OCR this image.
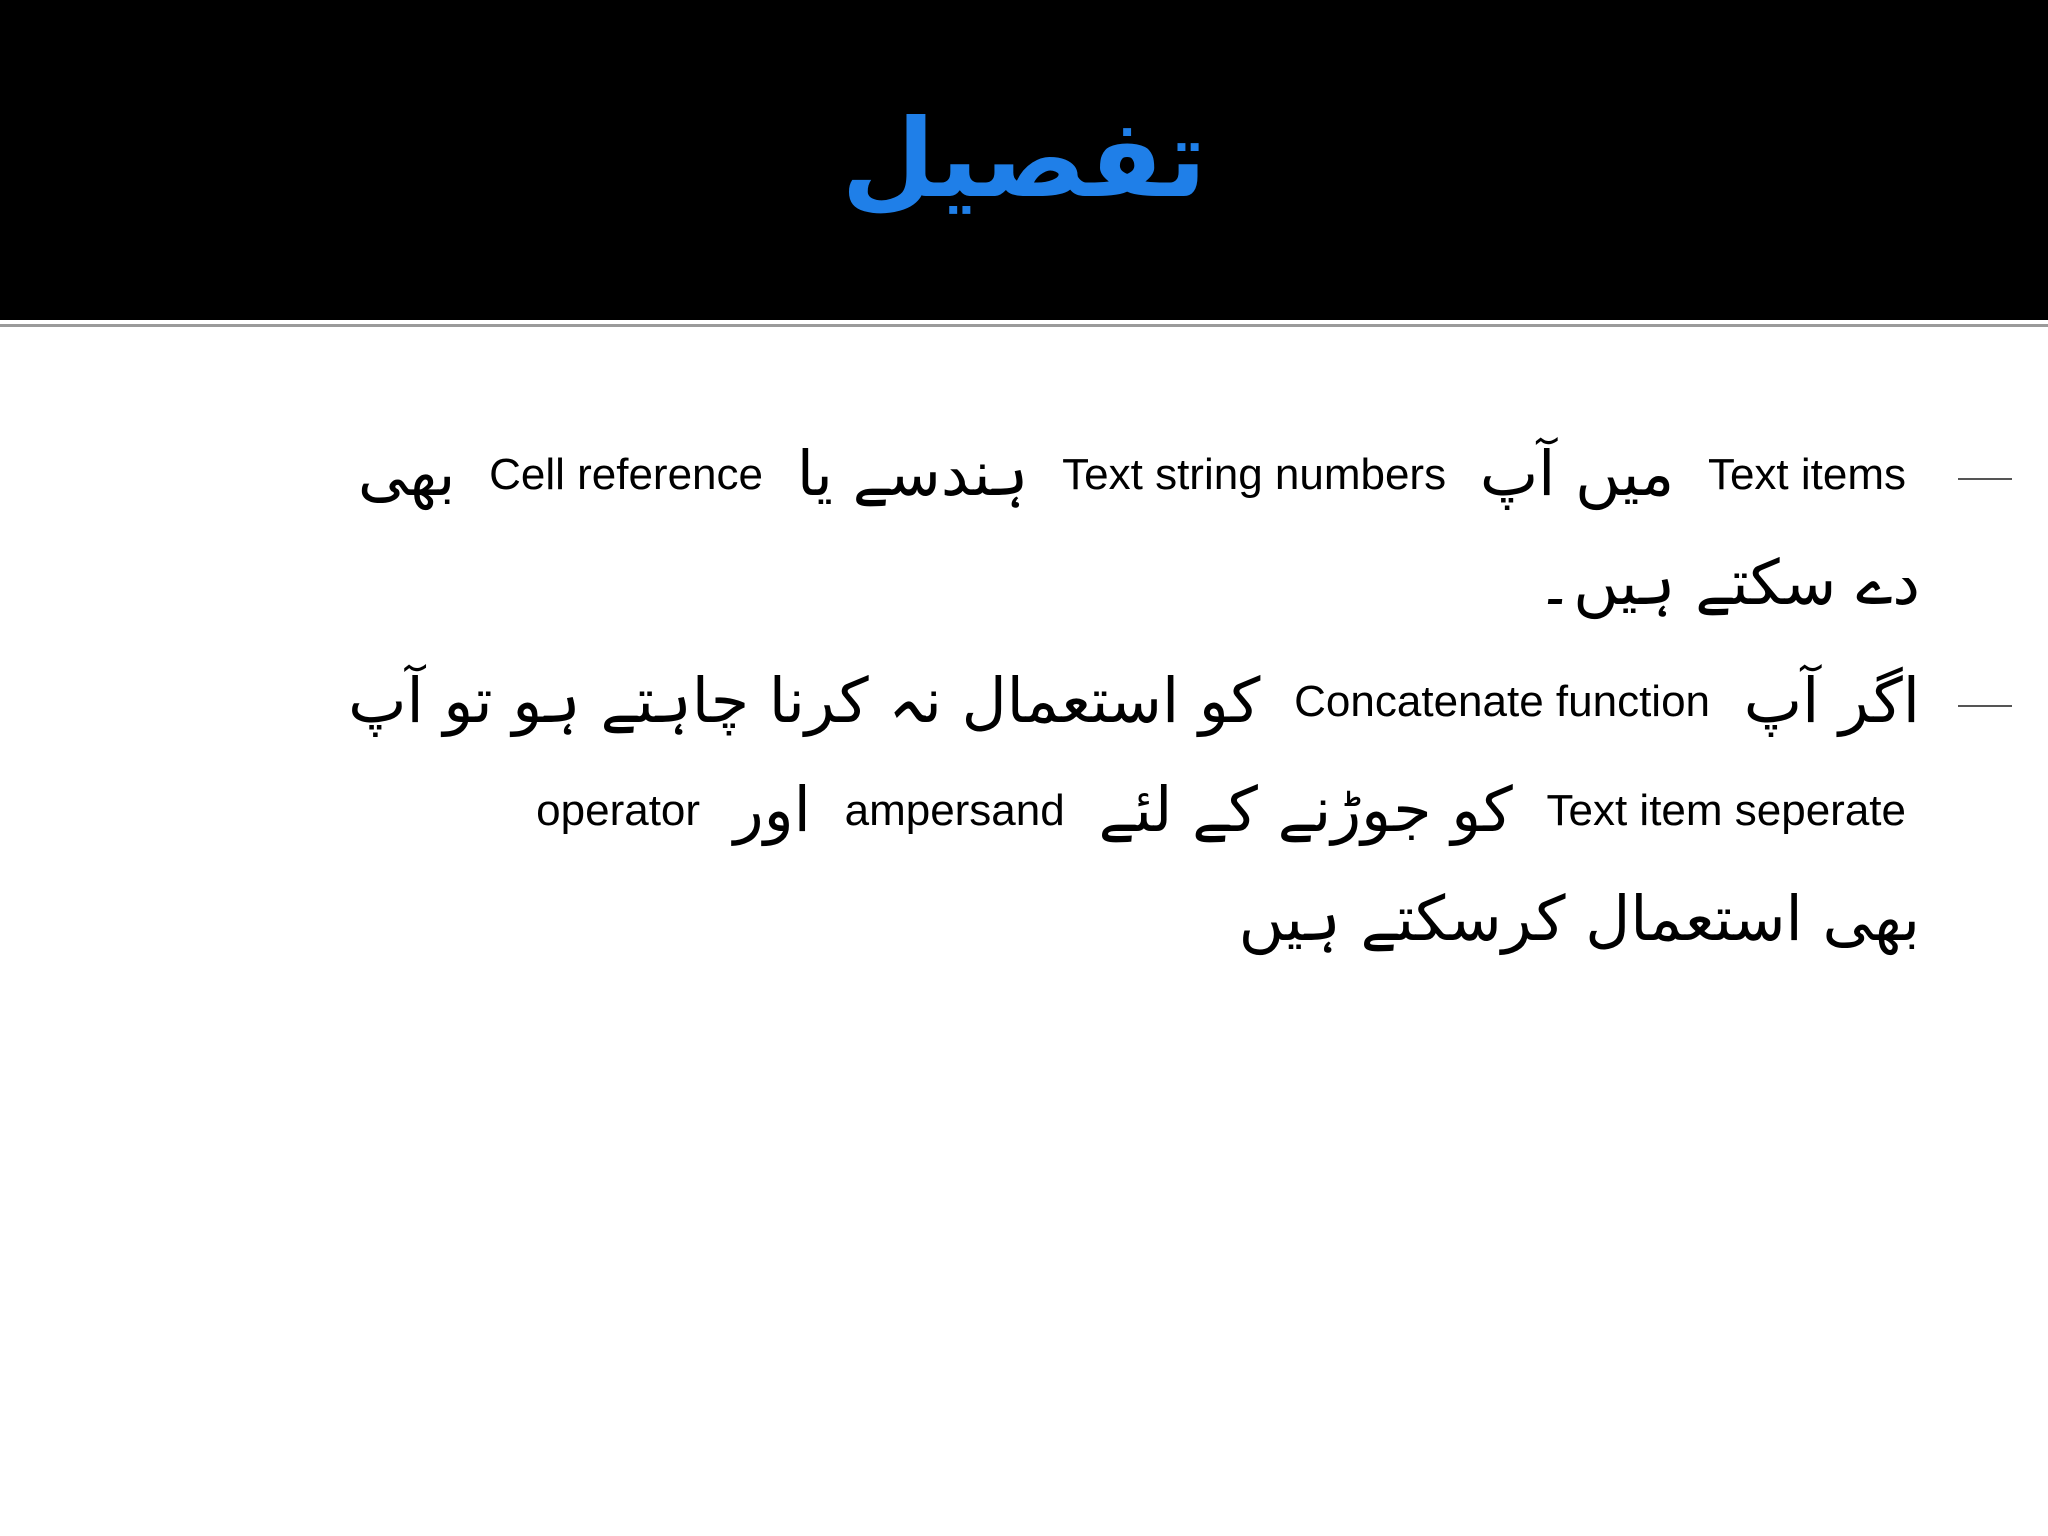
تفصیل
Text items میں آپ Text string numbers ہندسے یا Cell reference بھی
دے سکتے ہیں۔
اگر آپ Concatenate function کو استعمال نہ کرنا چاہتے ہو تو آپ
Text item seperate کو جوڑنے کے لئے ampersand اور operator
بھی استعمال کرسکتے ہیں
